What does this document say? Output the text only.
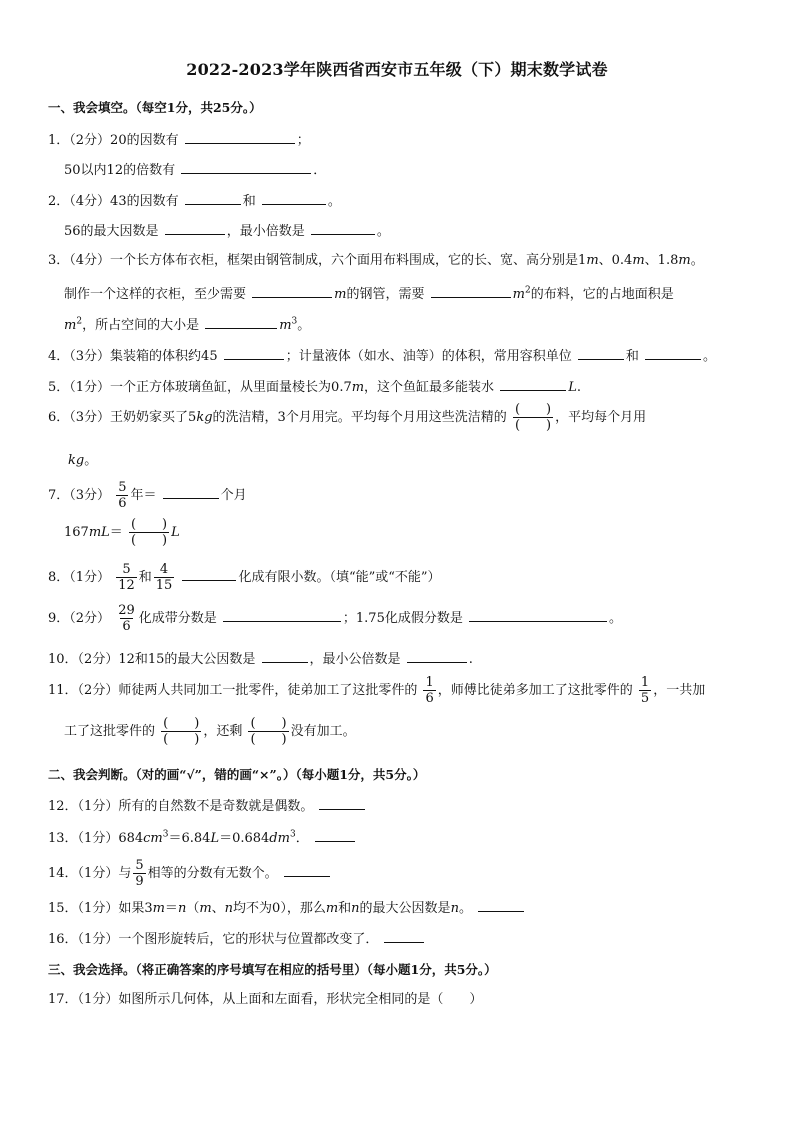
2022-2023学年陕西省西安市五年级（下）期末数学试卷
一、我会填空。（每空1分，共25分。）
1．（2分）20的因数有	；
50以内12的倍数有	．
2．（4分）43的因数有	和	。
56的最大因数是	，最小倍数是	。
3．（4分）一个长方体布衣柜，框架由钢管制成，六个面用布料围成，它的长、宽、高分别是1m、0.4m、1.8m。
制作一个这样的衣柜，至少需要	m的钢管，需要	$m^2$的布料，它的占地面积是
$m^2$，所占空间的大小是	$m^3$。
4．（3分）集装箱的体积约45	；计量液体（如水、油等）的体积，常用容积单位	和	。
5．（1分）一个正方体玻璃鱼缸，从里面量棱长为0.7m，这个鱼缸最多能装水	L.
6．（3分）王奶奶家买了5kg的洗洁精，3个月用完。平均每个月用这些洗洁精的 $\frac{( )}{( )}$ ，平均每个月用
kg。
7．（3分） $\frac{5}{6}$ 年＝	个月
$167mL= \frac{( )}{( )}$ L
8．（1分） $\frac{5}{12}$ 和 $\frac{4}{15}$	化成有限小数。（填“能”或“不能”）
9．（2分） $\frac{29}{6}$ 化成带分数是	；1.75化成假分数是	。
10．（2分）12和15的最大公因数是	，最小公倍数是	.
11．（2分）师徒两人共同加工一批零件，徒弟加工了这批零件的 $\frac{1}{6}$ ，师傅比徒弟多加工了这批零件的 $\frac{1}{5}$ ，一共加
工了这批零件的 $\frac{( )}{( )}$ ，还剩 $\frac{( )}{( )}$ 没有加工。
二、我会判断。（对的画“√”，错的画“×”。）（每小题1分，共5分。）
12．（1分）所有的自然数不是奇数就是偶数。
13．（1分）$684cm^3=6.84L=0.684dm^3$．
14．（1分）与 $\frac{5}{9}$ 相等的分数有无数个。
15．（1分）如果3m＝n（m、n均不为0），那么m和n的最大公因数是n。
16．（1分）一个图形旋转后，它的形状与位置都改变了．
三、我会选择。（将正确答案的序号填写在相应的括号里）（每小题1分，共5分。）
17．（1分）如图所示几何体，从上面和左面看，形状完全相同的是（　　）
